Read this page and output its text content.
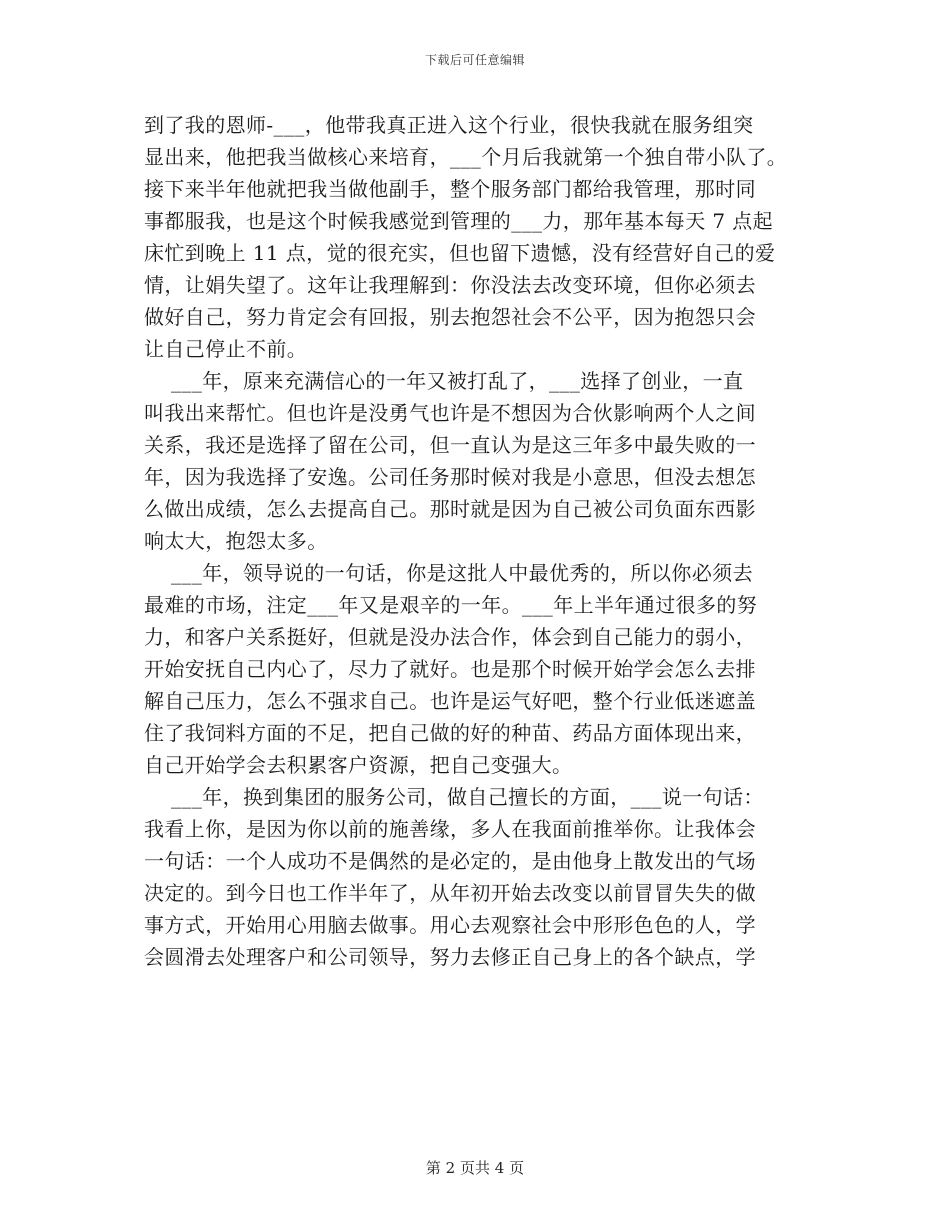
下载后可任意编辑
到了我的恩师-___，他带我真正进入这个行业，很快我就在服务组突
显出来，他把我当做核心来培育，___个月后我就第一个独自带小队了。
接下来半年他就把我当做他副手，整个服务部门都给我管理，那时同
事都服我，也是这个时候我感觉到管理的___力，那年基本每天 7 点起
床忙到晚上 11 点，觉的很充实，但也留下遗憾，没有经营好自己的爱
情，让娟失望了。这年让我理解到：你没法去改变环境，但你必须去
做好自己，努力肯定会有回报，别去抱怨社会不公平，因为抱怨只会
让自己停止不前。
___年，原来充满信心的一年又被打乱了，___选择了创业，一直
叫我出来帮忙。但也许是没勇气也许是不想因为合伙影响两个人之间
关系，我还是选择了留在公司，但一直认为是这三年多中最失败的一
年，因为我选择了安逸。公司任务那时候对我是小意思，但没去想怎
么做出成绩，怎么去提高自己。那时就是因为自己被公司负面东西影
响太大，抱怨太多。
___年，领导说的一句话，你是这批人中最优秀的，所以你必须去
最难的市场，注定___年又是艰辛的一年。___年上半年通过很多的努
力，和客户关系挺好，但就是没办法合作，体会到自己能力的弱小，
开始安抚自己内心了，尽力了就好。也是那个时候开始学会怎么去排
解自己压力，怎么不强求自己。也许是运气好吧，整个行业低迷遮盖
住了我饲料方面的不足，把自己做的好的种苗、药品方面体现出来，
自己开始学会去积累客户资源，把自己变强大。
___年，换到集团的服务公司，做自己擅长的方面，___说一句话：
我看上你，是因为你以前的施善缘，多人在我面前推举你。让我体会
一句话：一个人成功不是偶然的是必定的，是由他身上散发出的气场
决定的。到今日也工作半年了，从年初开始去改变以前冒冒失失的做
事方式，开始用心用脑去做事。用心去观察社会中形形色色的人，学
会圆滑去处理客户和公司领导，努力去修正自己身上的各个缺点，学
第 2 页共 4 页
